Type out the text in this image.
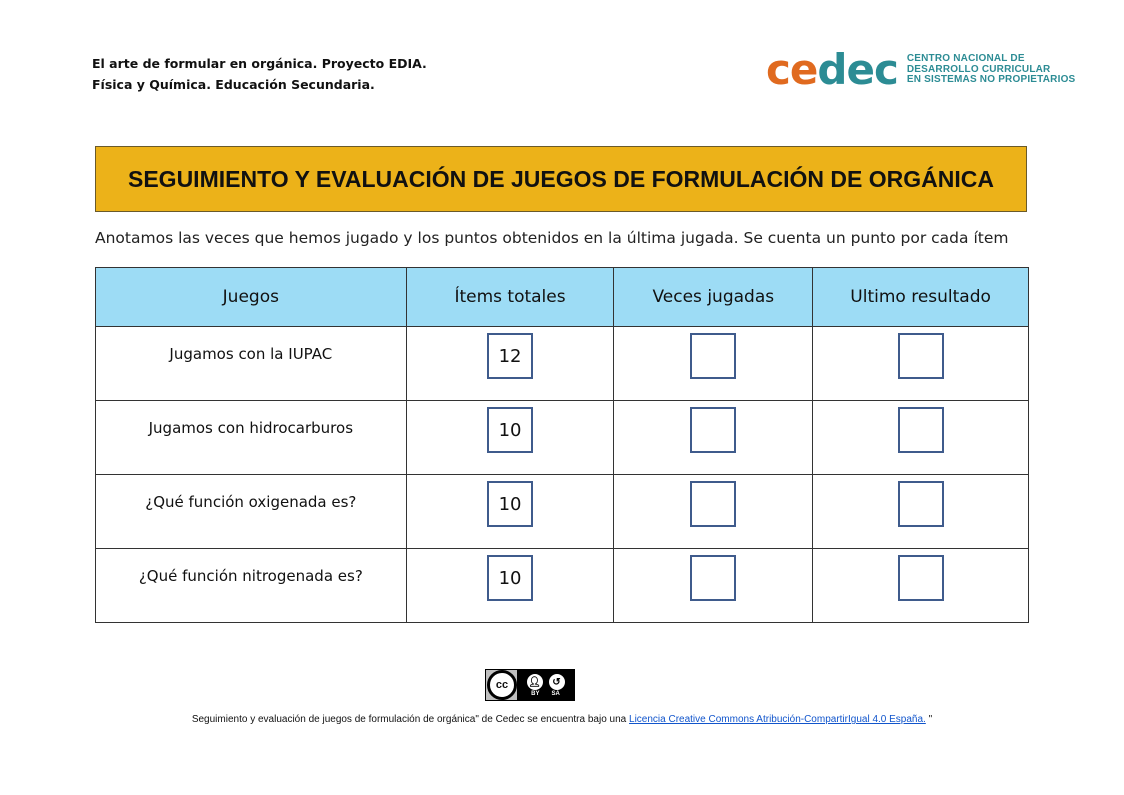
El arte de formular en orgánica. Proyecto EDIA.
Física y Química. Educación Secundaria.	cedec CENTRO NACIONAL DE
DESARROLLO CURRICULAR
EN SISTEMAS NO PROPIETARIOS
SEGUIMIENTO Y EVALUACIÓN DE JUEGOS DE FORMULACIÓN DE ORGÁNICA
Anotamos las veces que hemos jugado y los puntos obtenidos en la última jugada. Se cuenta un punto por cada ítem
Juegos	Ítems totales	Veces jugadas	Ultimo resultado

Jugamos con la IUPAC	12		

Jugamos con hidrocarburos	10		

¿Qué función oxigenada es?	10		

¿Qué función nitrogenada es?	10		
cc	👤︎	↺
BY SA
Seguimiento y evaluación de juegos de formulación de orgánica" de Cedec se encuentra bajo una Licencia Creative Commons Atribución-CompartirIgual 4.0 España. "
